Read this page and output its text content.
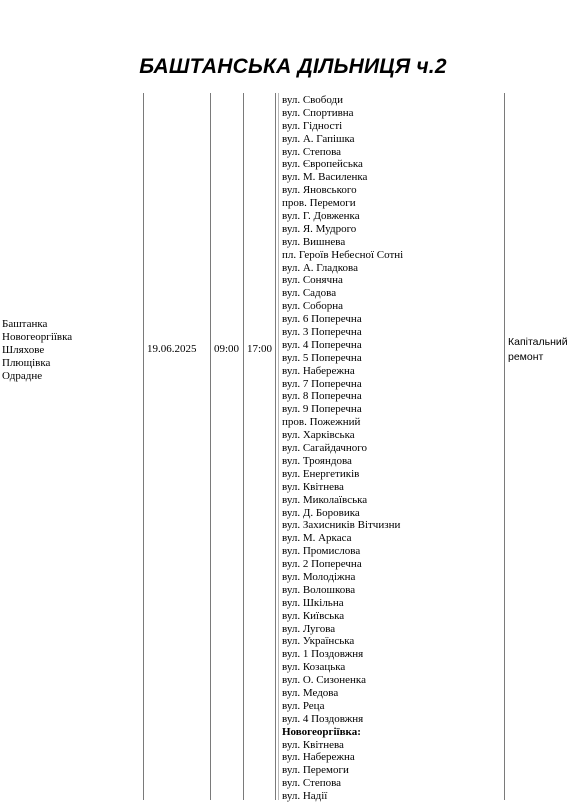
БАШТАНСЬКА ДІЛЬНИЦЯ ч.2
Баштанка
Новогеоргіївка
Шляхове
Плющівка
Одрадне
19.06.2025 09:00 17:00
вул. Свободи
вул. Спортивна
вул. Гідності
вул. А. Гапішка
вул. Степова
вул. Європейська
вул. М. Василенка
вул. Яновського
пров. Перемоги
вул. Г. Довженка
вул. Я. Мудрого
вул. Вишнева
пл. Героїв Небесної Сотні
вул. А. Гладкова
вул. Сонячна
вул. Садова
вул. Соборна
вул. 6 Поперечна
вул. 3 Поперечна
вул. 4 Поперечна
вул. 5 Поперечна
вул. Набережна
вул. 7 Поперечна
вул. 8 Поперечна
вул. 9 Поперечна
пров. Пожежний
вул. Харківська
вул. Сагайдачного
вул. Трояндова
вул. Енергетиків
вул. Квітнева
вул. Миколаївська
вул. Д. Боровика
вул. Захисників Вітчизни
вул. М. Аркаса
вул. Промислова
вул. 2 Поперечна
вул. Молодіжна
вул. Волошкова
вул. Шкільна
вул. Київська
вул. Лугова
вул. Українська
вул. 1 Поздовжня
вул. Козацька
вул. О. Сизоненка
вул. Медова
вул. Реца
вул. 4 Поздовжня
Новогеоргіївка:
вул. Квітнева
вул. Набережна
вул. Перемоги
вул. Степова
вул. Надії
Капітальний ремонт
